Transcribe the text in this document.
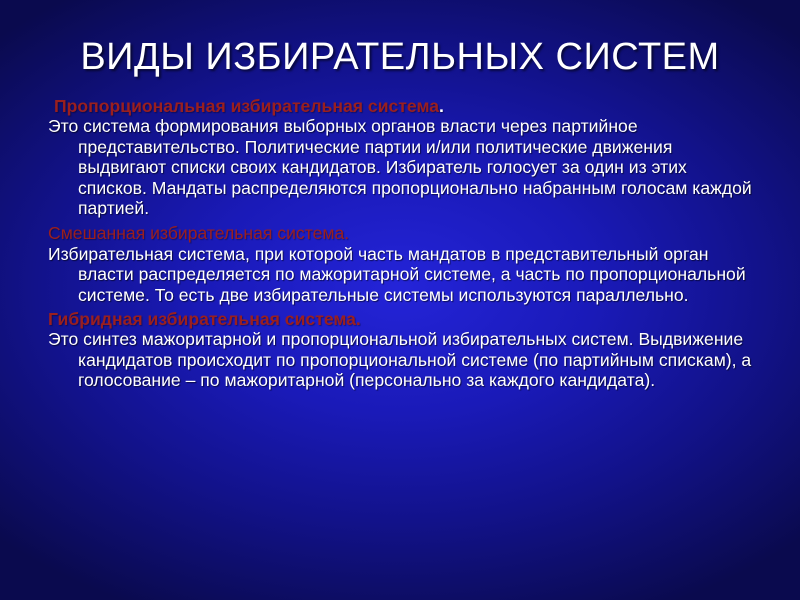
ВИДЫ ИЗБИРАТЕЛЬНЫХ СИСТЕМ
Пропорциональная избирательная система.
Это система формирования выборных органов власти через партийное представительство. Политические партии и/или политические движения выдвигают списки своих кандидатов. Избиратель голосует за один из этих списков. Мандаты распределяются пропорционально набранным голосам каждой партией.
Смешанная избирательная система.
Избирательная система, при которой часть мандатов в представительный орган власти распределяется по мажоритарной системе, а часть по пропорциональной системе. То есть две избирательные системы используются параллельно.
Гибридная избирательная система.
Это синтез мажоритарной и пропорциональной избирательных систем. Выдвижение кандидатов происходит по пропорциональной системе (по партийным спискам), а голосование – по мажоритарной (персонально за каждого кандидата).
